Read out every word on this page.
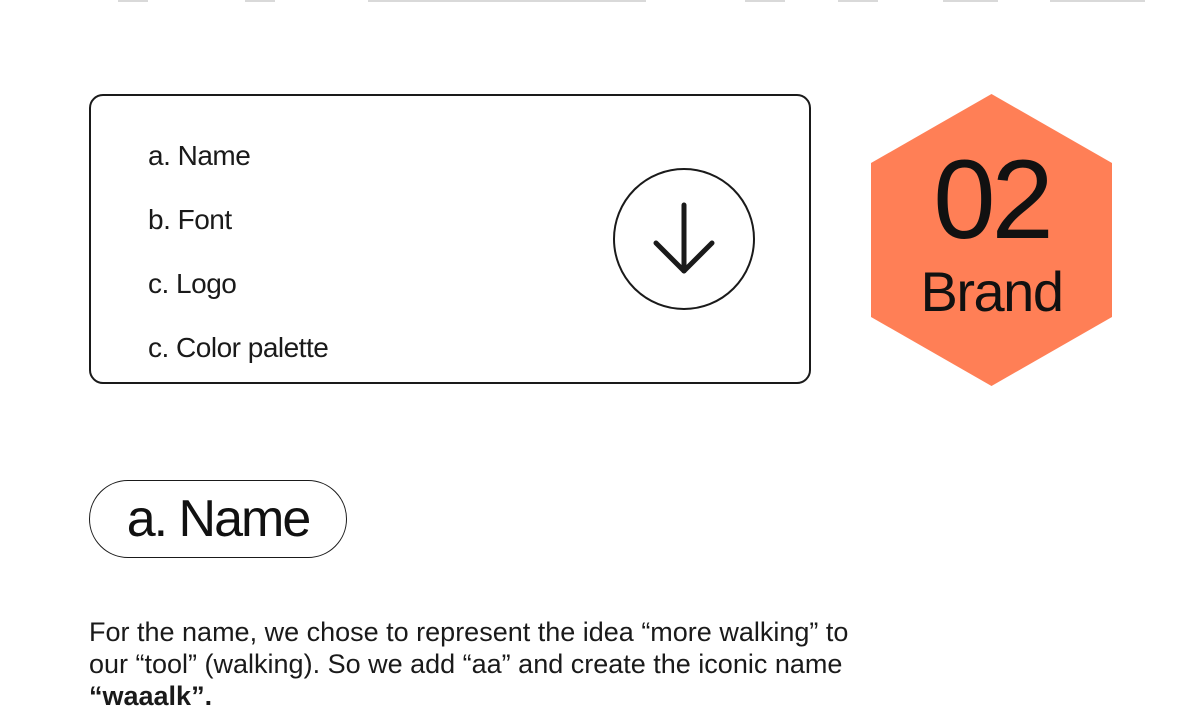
a. Name
b. Font
c. Logo
c. Color palette
02
Brand
a. Name

For the name, we chose to represent the idea “more walking” to
our “tool” (walking). So we add “aa” and create the iconic name
“waaalk”.
